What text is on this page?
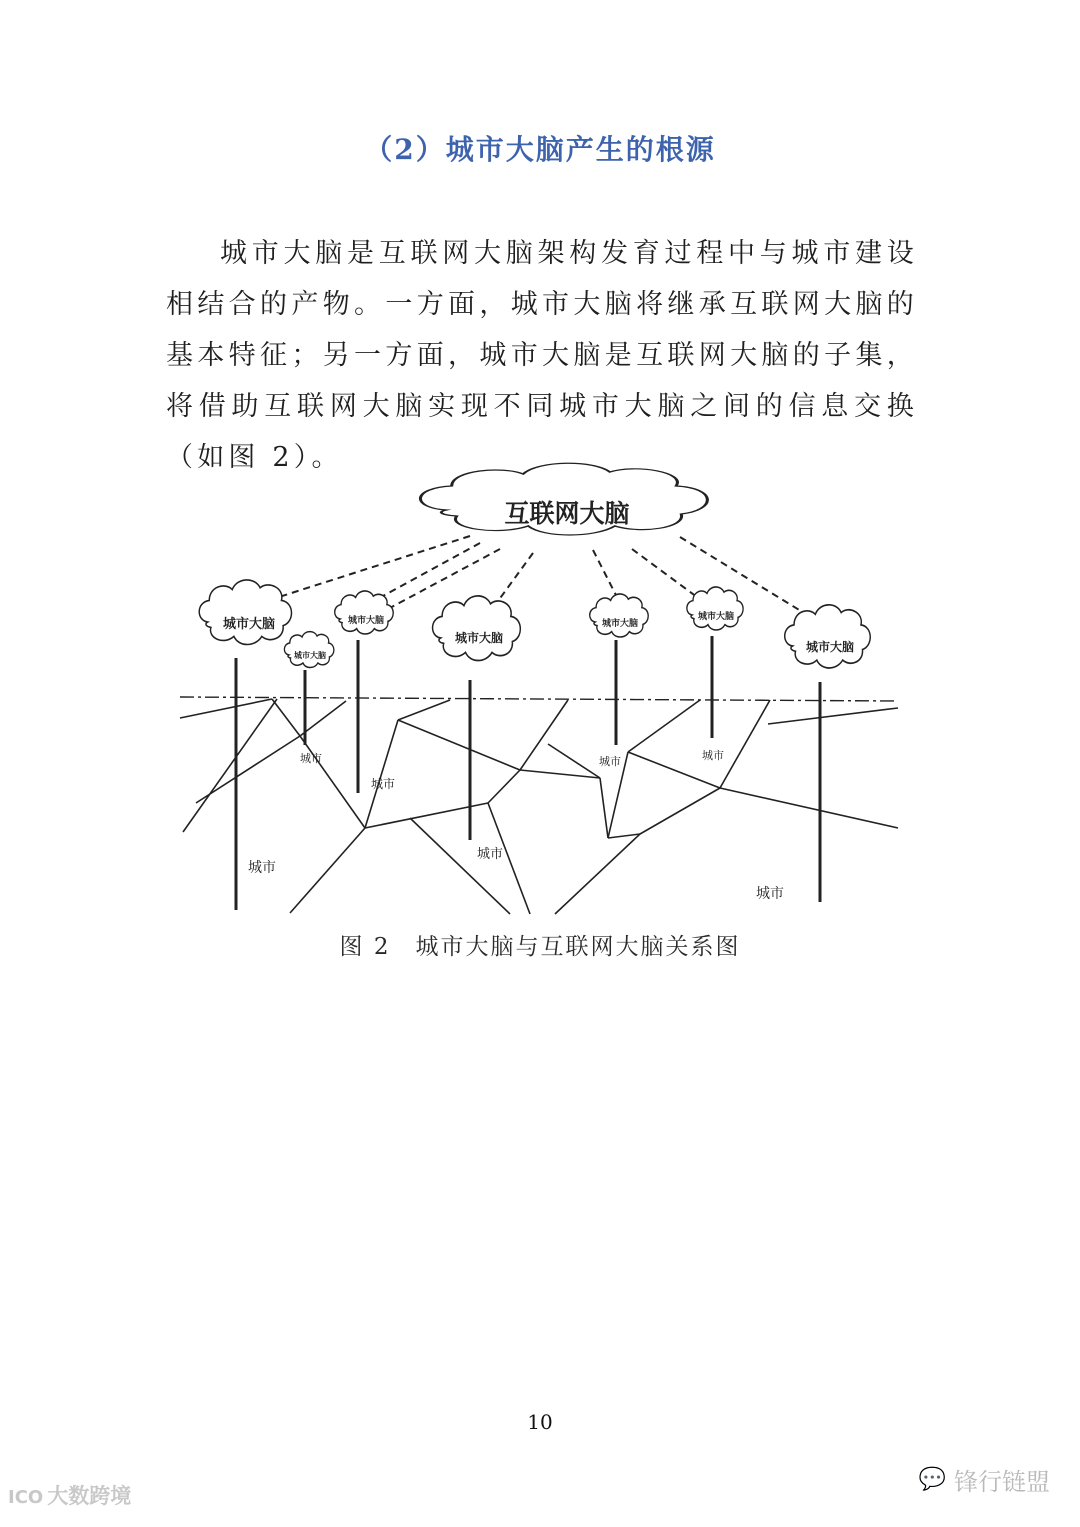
（2）城市大脑产生的根源

城市大脑是互联网大脑架构发育过程中与城市建设相结合的产物。一方面，城市大脑将继承互联网大脑的基本特征；另一方面，城市大脑是互联网大脑的子集，将借助互联网大脑实现不同城市大脑之间的信息交换（如图 2）。

互联网大脑
城市大脑
城市大脑
城市大脑
城市大脑
城市大脑
城市大脑
城市大脑
城市
城市
城市
城市
城市	城市
城市
图 2　城市大脑与互联网大脑关系图
10
ICO 大数跨境
💬 锋行链盟
